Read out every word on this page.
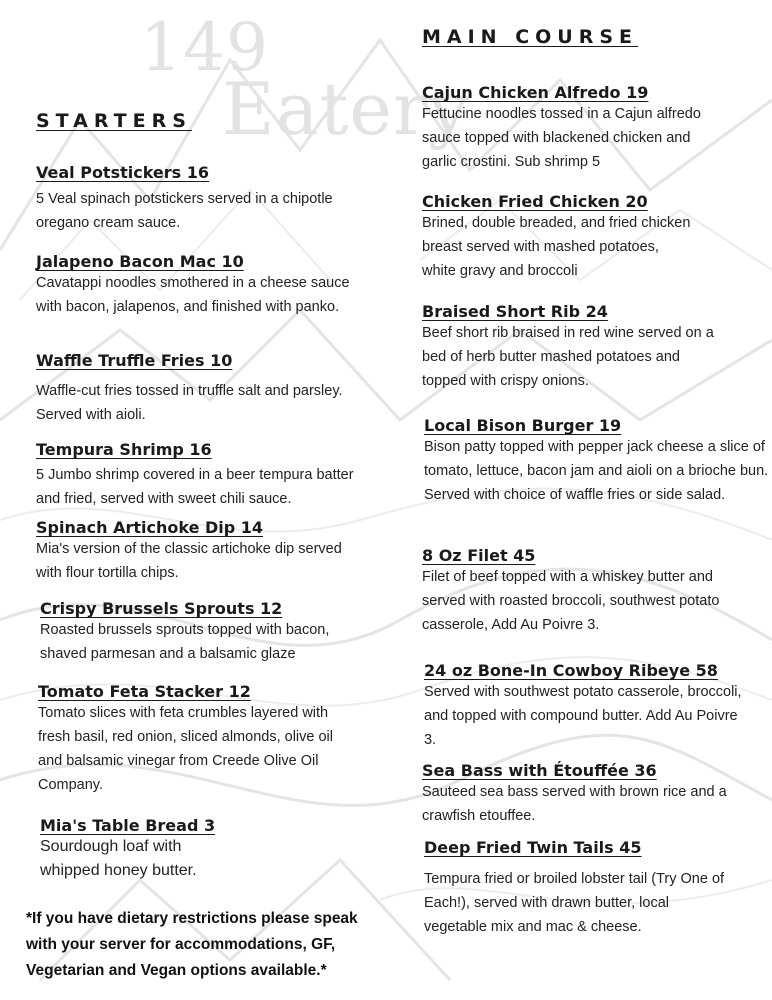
149
Eatery
STARTERS
Veal Potstickers 16

5 Veal spinach potstickers served in a chipotle oregano cream sauce.

Jalapeno Bacon Mac 10

Cavatappi noodles smothered in a cheese sauce with bacon, jalapenos, and finished with panko.

Waffle Truffle Fries 10

Waffle-cut fries tossed in truffle salt and parsley. Served with aioli.

Tempura Shrimp 16

5 Jumbo shrimp covered in a beer tempura batter and fried, served with sweet chili sauce.

Spinach Artichoke Dip 14

Mia's version of the classic artichoke dip served with flour tortilla chips.

Crispy Brussels Sprouts 12

Roasted brussels sprouts topped with bacon, shaved parmesan and a balsamic glaze

Tomato Feta Stacker 12

Tomato slices with feta crumbles layered with fresh basil, red onion, sliced almonds, olive oil and balsamic vinegar from Creede Olive Oil Company.

Mia's Table Bread 3

Sourdough loaf with whipped honey butter.

*If you have dietary restrictions please speak with your server for accommodations, GF, Vegetarian and Vegan options available.*
MAIN COURSE
Cajun Chicken Alfredo 19

Fettucine noodles tossed in a Cajun alfredo sauce topped with blackened chicken and garlic crostini. Sub shrimp 5

Chicken Fried Chicken 20

Brined, double breaded, and fried chicken breast served with mashed potatoes, white gravy and broccoli

Braised Short Rib 24

Beef short rib braised in red wine served on a bed of herb butter mashed potatoes and topped with crispy onions.

Local Bison Burger 19

Bison patty topped with pepper jack cheese a slice of tomato, lettuce, bacon jam and aioli on a brioche bun. Served with choice of waffle fries or side salad.

8 Oz Filet 45

Filet of beef topped with a whiskey butter and served with roasted broccoli, southwest potato casserole, Add Au Poivre 3.

24 oz Bone-In Cowboy Ribeye 58

Served with southwest potato casserole, broccoli, and topped with compound butter. Add Au Poivre 3.

Sea Bass with Étouffée 36

Sauteed sea bass served with brown rice and a crawfish etouffee.

Deep Fried Twin Tails 45

Tempura fried or broiled lobster tail (Try One of Each!), served with drawn butter, local vegetable mix and mac & cheese.
